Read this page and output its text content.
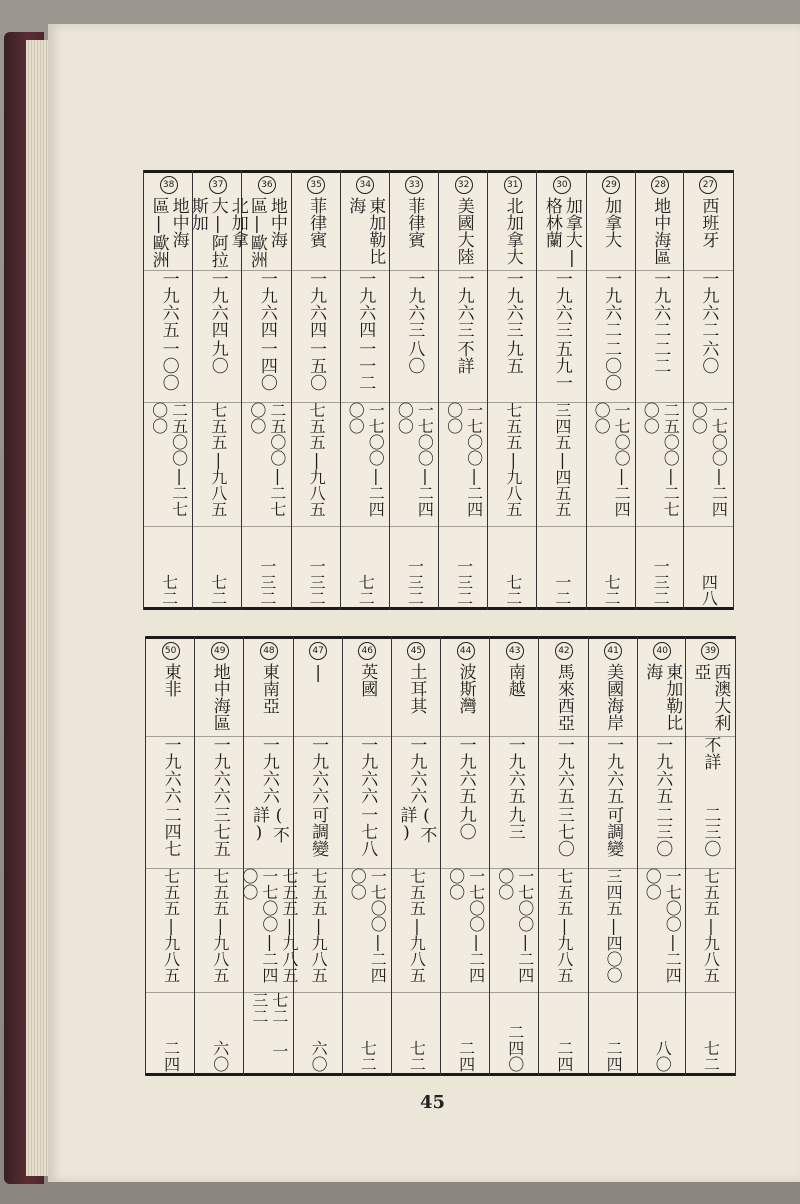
27
西班牙
一九六二
六〇
一七〇〇|二四〇〇
四八
28
地中海區
一九六二
二二
二五〇〇|二七〇〇
一三二
29
加拿大
一九六二
二〇〇
一七〇〇|二四〇〇
七二
30
加拿大|格林蘭
一九六三
五九一
三四五|四五五
一二
31
北加拿大
一九六三
九五
七五五|九八五
七二
32
美國大陸
一九六三
不詳
一七〇〇|二四〇〇
一三二
33
菲律賓
一九六三
八〇
一七〇〇|二四〇〇
一三二
34
東加勒比海
一九六四
一一二
一七〇〇|二四〇〇
七二
35
菲律賓
一九六四
一五〇
七五五|九八五
一三二
36
地中海區|歐洲
一九六四
一四〇
二五〇〇|二七〇〇
一三二
37
北加拿大|阿拉斯加
一九六四
九〇
七五五|九八五
七二
38
地中海區|歐洲
一九六五
一〇〇
二五〇〇|二七〇〇
七二
39
西澳大利亞
不詳
二三〇
七五五|九八五
七二
40
東加勒比海
一九六五
二三〇
一七〇〇|二四〇〇
八〇
41
美國海岸
一九六五
可調變
三四五|四〇〇
二四
42
馬來西亞
一九六五
三七〇
七五五|九八五
二四
43
南越
一九六五
九三
一七〇〇|二四〇〇
二四〇
44
波斯灣
一九六五
九〇
一七〇〇|二四〇〇
二四
45
土耳其
一九六六
(不詳)
七五五|九八五
七二
46
英國
一九六六
一七八
一七〇〇|二四〇〇
七二
47
|
一九六六
可調變
七五五|九八五
六〇
48
東南亞
一九六六
(不詳)
七五五|九八五 一七〇〇|二四〇〇
七二 一三二
49
地中海區
一九六六
三七五
七五五|九八五
六〇
50
東非
一九六六
二四七
七五五|九八五
二四
45
